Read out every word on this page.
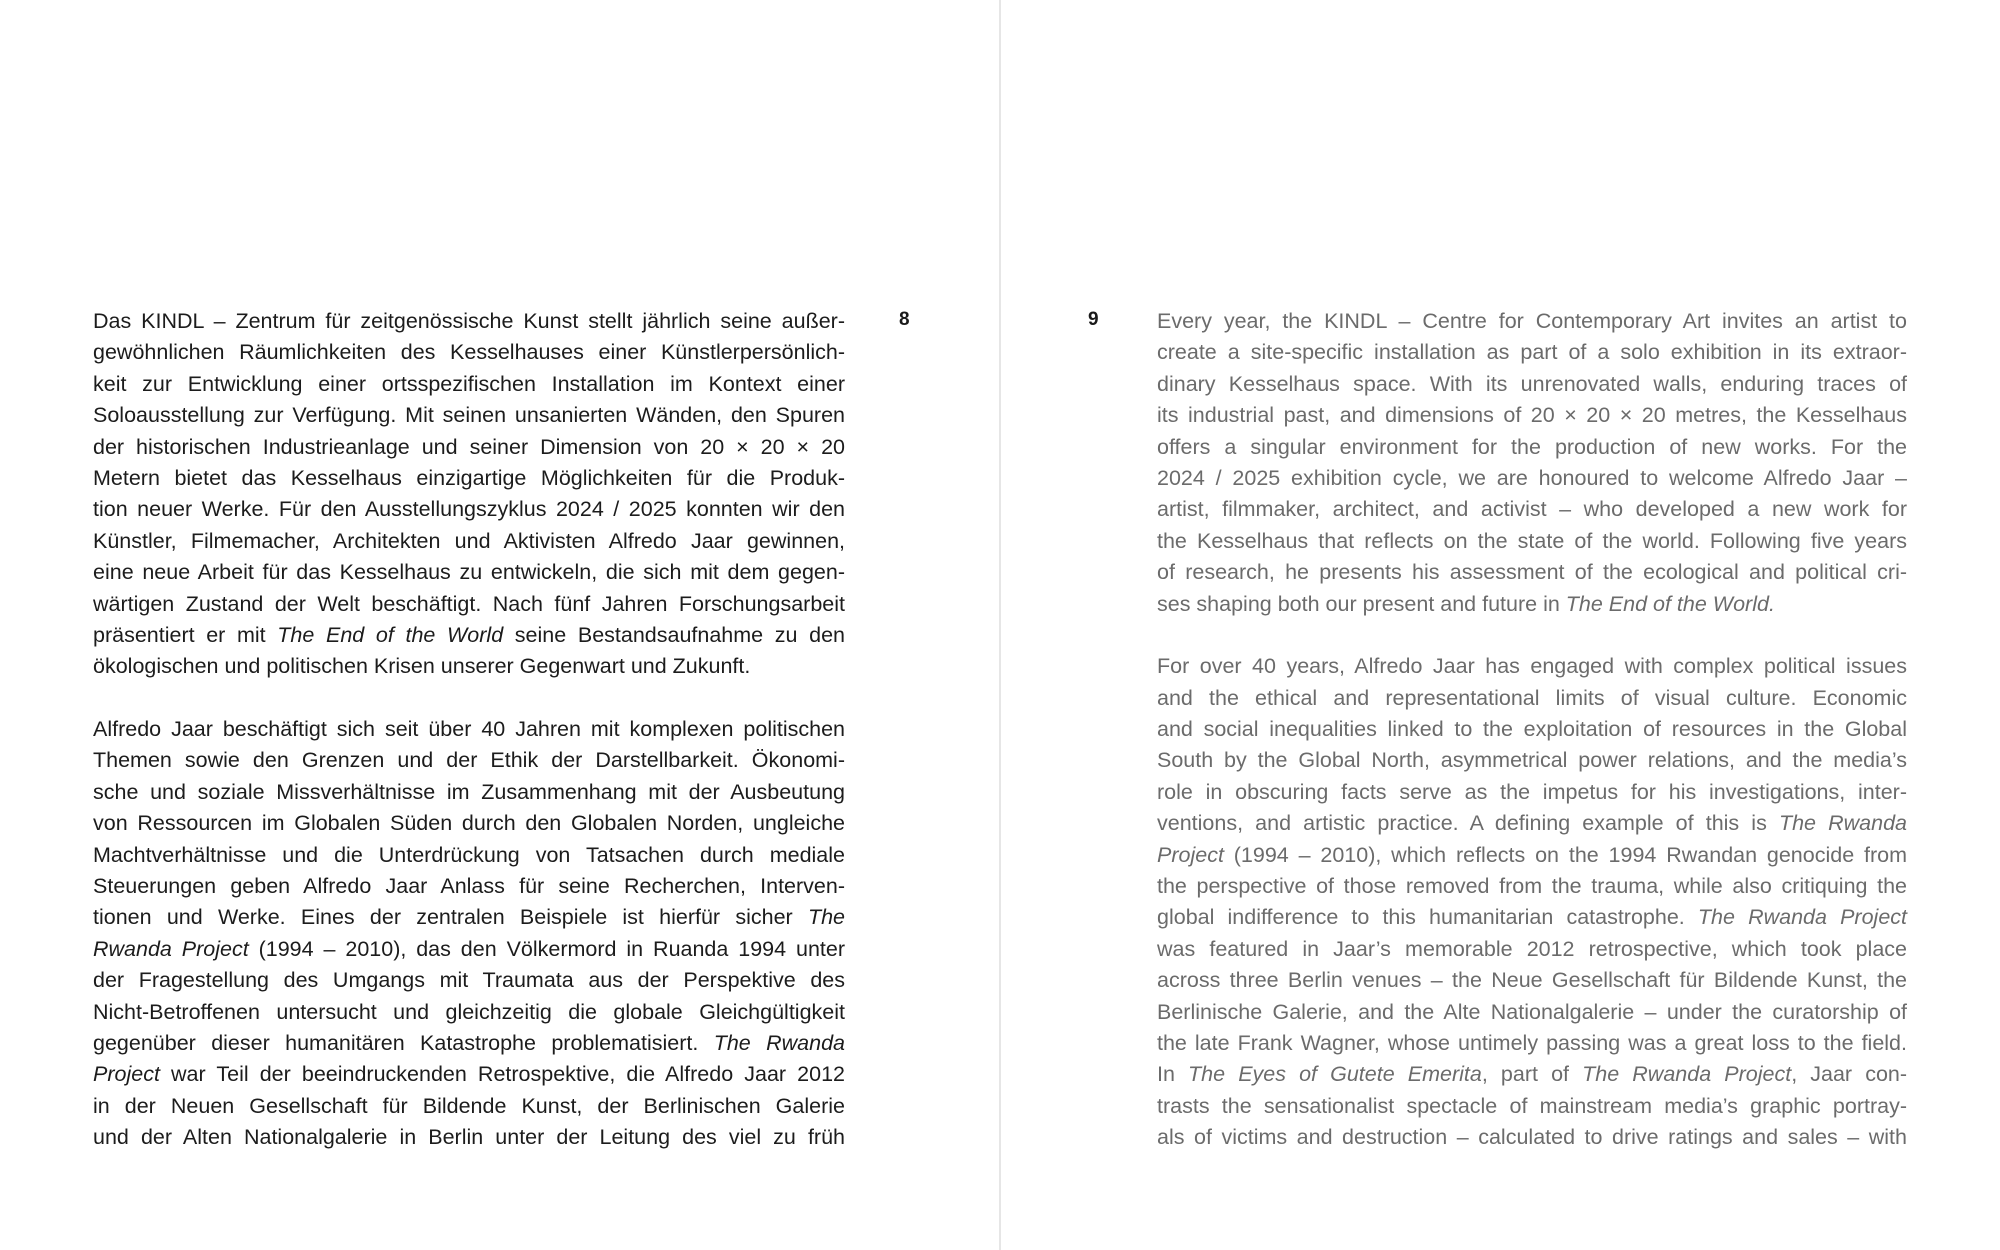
Das KINDL – Zentrum für zeitgenössische Kunst stellt jährlich seine außer-
gewöhnlichen Räumlichkeiten des Kesselhauses einer Künstlerpersönlich-
keit zur Entwicklung einer ortsspezifischen Installation im Kontext einer
Soloausstellung zur Verfügung. Mit seinen unsanierten Wänden, den Spuren
der historischen Industrieanlage und seiner Dimension von 20 × 20 × 20
Metern bietet das Kesselhaus einzigartige Möglichkeiten für die Produk-
tion neuer Werke. Für den Ausstellungszyklus 2024 / 2025 konnten wir den
Künstler, Filmemacher, Architekten und Aktivisten Alfredo Jaar gewinnen,
eine neue Arbeit für das Kesselhaus zu entwickeln, die sich mit dem gegen-
wärtigen Zustand der Welt beschäftigt. Nach fünf Jahren Forschungsarbeit
präsentiert er mit The End of the World seine Bestandsaufnahme zu den
ökologischen und politischen Krisen unserer Gegenwart und Zukunft.
Alfredo Jaar beschäftigt sich seit über 40 Jahren mit komplexen politischen
Themen sowie den Grenzen und der Ethik der Darstellbarkeit. Ökonomi-
sche und soziale Missverhältnisse im Zusammenhang mit der Ausbeutung
von Ressourcen im Globalen Süden durch den Globalen Norden, ungleiche
Machtverhältnisse und die Unterdrückung von Tatsachen durch mediale
Steuerungen geben Alfredo Jaar Anlass für seine Recherchen, Interven-
tionen und Werke. Eines der zentralen Beispiele ist hierfür sicher The
Rwanda Project (1994 – 2010), das den Völkermord in Ruanda 1994 unter
der Fragestellung des Umgangs mit Traumata aus der Perspektive des
Nicht-Betroffenen untersucht und gleichzeitig die globale Gleichgültigkeit
gegenüber dieser humanitären Katastrophe problematisiert. The Rwanda
Project war Teil der beeindruckenden Retrospektive, die Alfredo Jaar 2012
in der Neuen Gesellschaft für Bildende Kunst, der Berlinischen Galerie
und der Alten Nationalgalerie in Berlin unter der Leitung des viel zu früh
8	9	Every year, the KINDL – Centre for Contemporary Art invites an artist to
create a site-specific installation as part of a solo exhibition in its extraor-
dinary Kesselhaus space. With its unrenovated walls, enduring traces of
its industrial past, and dimensions of 20 × 20 × 20 metres, the Kesselhaus
offers a singular environment for the production of new works. For the
2024 / 2025 exhibition cycle, we are honoured to welcome Alfredo Jaar –
artist, filmmaker, architect, and activist – who developed a new work for
the Kesselhaus that reflects on the state of the world. Following five years
of research, he presents his assessment of the ecological and political cri-
ses shaping both our present and future in The End of the World.
For over 40 years, Alfredo Jaar has engaged with complex political issues
and the ethical and representational limits of visual culture. Economic
and social inequalities linked to the exploitation of resources in the Global
South by the Global North, asymmetrical power relations, and the media’s
role in obscuring facts serve as the impetus for his investigations, inter-
ventions, and artistic practice. A defining example of this is The Rwanda
Project (1994 – 2010), which reflects on the 1994 Rwandan genocide from
the perspective of those removed from the trauma, while also critiquing the
global indifference to this humanitarian catastrophe. The Rwanda Project
was featured in Jaar’s memorable 2012 retrospective, which took place
across three Berlin venues – the Neue Gesellschaft für Bildende Kunst, the
Berlinische Galerie, and the Alte Nationalgalerie – under the curatorship of
the late Frank Wagner, whose untimely passing was a great loss to the field.
In The Eyes of Gutete Emerita, part of The Rwanda Project, Jaar con-
trasts the sensationalist spectacle of mainstream media’s graphic portray-
als of victims and destruction – calculated to drive ratings and sales – with
